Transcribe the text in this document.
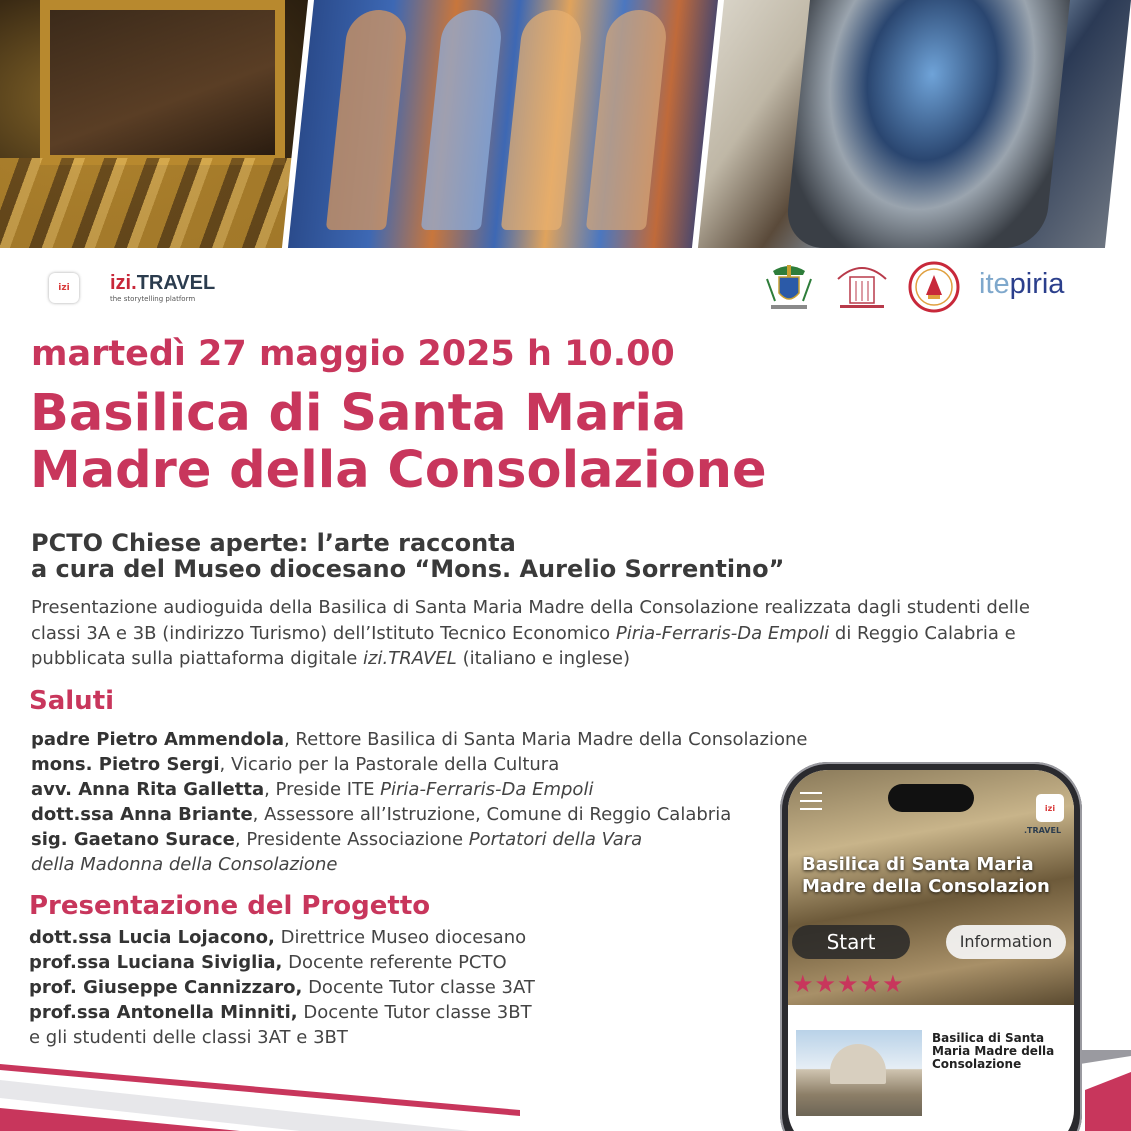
izi izi.TRAVEL
the storytelling platform	itepiria
martedì 27 maggio 2025 h 10.00
Basilica di Santa Maria
Madre della Consolazione
PCTO Chiese aperte: l’arte racconta
a cura del Museo diocesano “Mons. Aurelio Sorrentino”
Presentazione audioguida della Basilica di Santa Maria Madre della Consolazione realizzata dagli studenti delle classi 3A e 3B (indirizzo Turismo) dell’Istituto Tecnico Economico Piria-Ferraris-Da Empoli di Reggio Calabria e pubblicata sulla piattaforma digitale izi.TRAVEL (italiano e inglese)
Saluti
padre Pietro Ammendola, Rettore Basilica di Santa Maria Madre della Consolazione
mons. Pietro Sergi, Vicario per la Pastorale della Cultura
avv. Anna Rita Galletta, Preside ITE Piria-Ferraris-Da Empoli
dott.ssa Anna Briante, Assessore all’Istruzione, Comune di Reggio Calabria
sig. Gaetano Surace, Presidente Associazione Portatori della Vara
della Madonna della Consolazione
Presentazione del Progetto
dott.ssa Lucia Lojacono, Direttrice Museo diocesano
prof.ssa Luciana Siviglia, Docente referente PCTO
prof. Giuseppe Cannizzaro, Docente Tutor classe 3AT
prof.ssa Antonella Minniti, Docente Tutor classe 3BT
e gli studenti delle classi 3AT e 3BT
izi
.TRAVEL
Basilica di Santa Maria Madre della Consolazion
Start	Information
★★★★★
Basilica di Santa Maria Madre della Consolazione
